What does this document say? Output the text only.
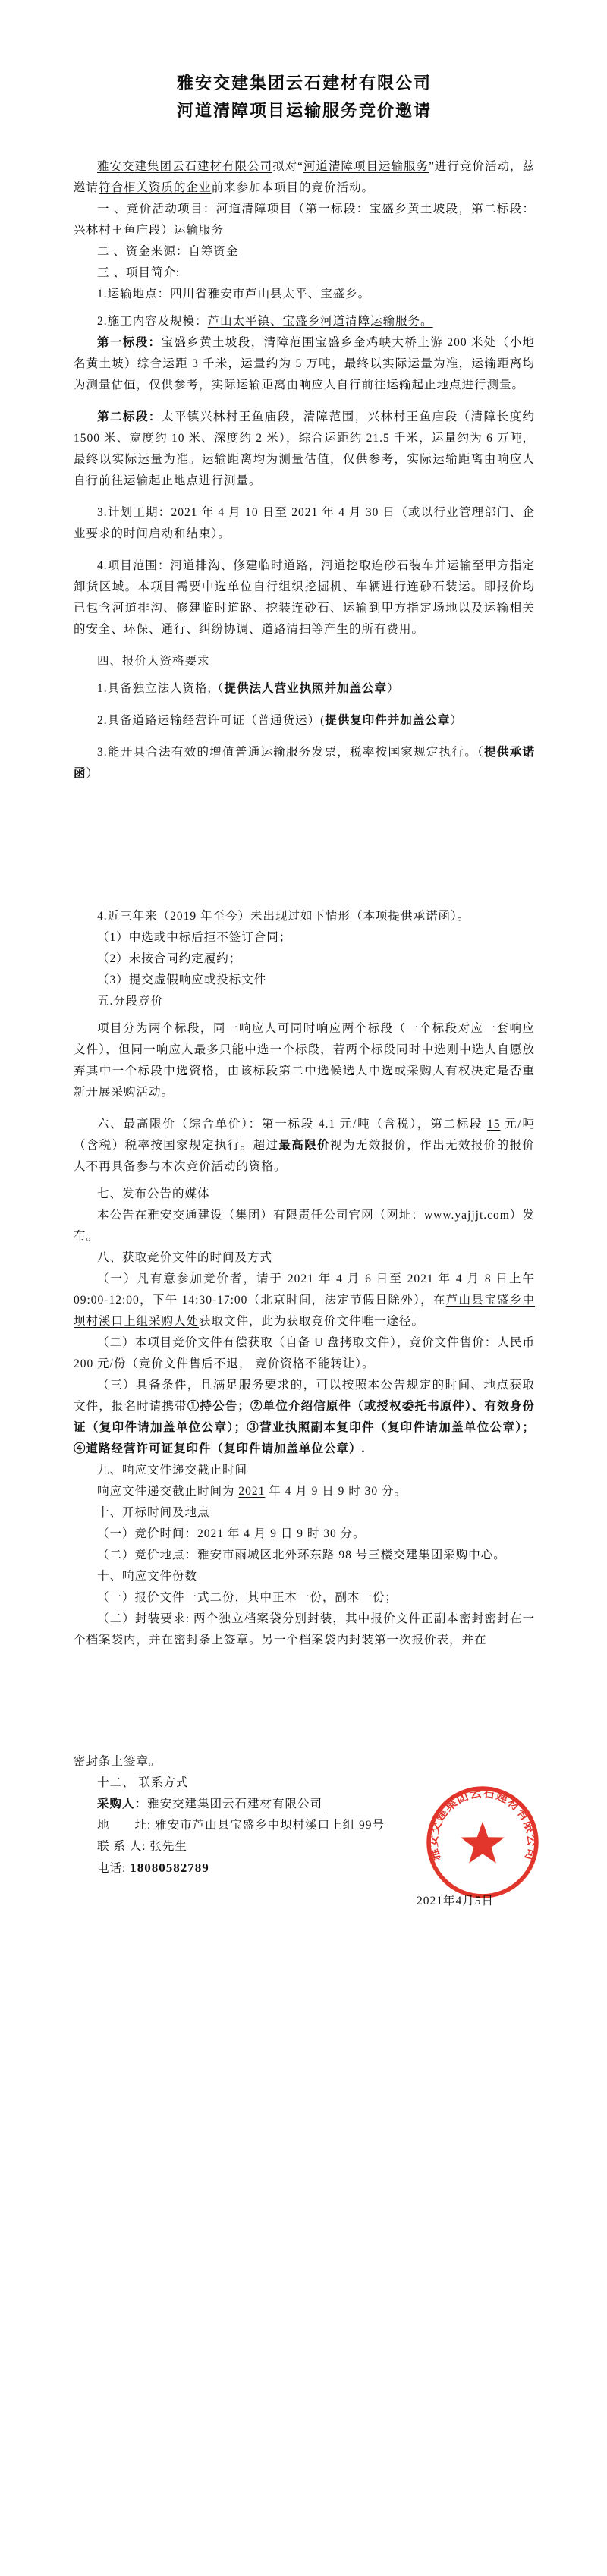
雅安交建集团云石建材有限公司
河道清障项目运输服务竞价邀请
雅安交建集团云石建材有限公司拟对“河道清障项目运输服务”进行竞价活动，兹邀请符合相关资质的企业前来参加本项目的竞价活动。
一 、竞价活动项目：河道清障项目（第一标段：宝盛乡黄土坡段，第二标段：兴林村王鱼庙段）运输服务
二 、资金来源：自筹资金
三 、项目简介:
1.运输地点：四川省雅安市芦山县太平、宝盛乡。
2.施工内容及规模：芦山太平镇、宝盛乡河道清障运输服务。
第一标段：宝盛乡黄土坡段，清障范围宝盛乡金鸡峡大桥上游 200 米处（小地名黄土坡）综合运距 3 千米，运量约为 5 万吨，最终以实际运量为准，运输距离均为测量估值，仅供参考，实际运输距离由响应人自行前往运输起止地点进行测量。
第二标段：太平镇兴林村王鱼庙段，清障范围，兴林村王鱼庙段（清障长度约 1500 米、宽度约 10 米、深度约 2 米），综合运距约 21.5 千米，运量约为 6 万吨，最终以实际运量为准。运输距离均为测量估值，仅供参考，实际运输距离由响应人自行前往运输起止地点进行测量。
3.计划工期：2021 年 4 月 10 日至 2021 年 4 月 30 日（或以行业管理部门、企业要求的时间启动和结束）。
4.项目范围：河道排沟、修建临时道路，河道挖取连砂石装车并运输至甲方指定卸货区域。本项目需要中选单位自行组织挖掘机、车辆进行连砂石装运。即报价均已包含河道排沟、修建临时道路、挖装连砂石、运输到甲方指定场地以及运输相关的安全、环保、通行、纠纷协调、道路清扫等产生的所有费用。
四、报价人资格要求
1.具备独立法人资格;（提供法人营业执照并加盖公章）
2.具备道路运输经营许可证（普通货运）(提供复印件并加盖公章）
3.能开具合法有效的增值普通运输服务发票，税率按国家规定执行。（提供承诺函）
4.近三年来（2019 年至今）未出现过如下情形（本项提供承诺函）。
（1）中选或中标后拒不签订合同；
（2）未按合同约定履约；
（3）提交虚假响应或投标文件
五.分段竞价
项目分为两个标段，同一响应人可同时响应两个标段（一个标段对应一套响应文件），但同一响应人最多只能中选一个标段，若两个标段同时中选则中选人自愿放弃其中一个标段中选资格，由该标段第二中选候选人中选或采购人有权决定是否重新开展采购活动。
六、最高限价（综合单价）：第一标段 4.1 元/吨（含税），第二标段 15 元/吨（含税）税率按国家规定执行。超过最高限价视为无效报价，作出无效报价的报价人不再具备参与本次竞价活动的资格。
七、发布公告的媒体
本公告在雅安交通建设（集团）有限责任公司官网（网址：www.yajjjt.com）发布。
八、获取竞价文件的时间及方式
（一）凡有意参加竞价者，请于 2021 年 4 月 6 日至 2021 年 4 月 8 日上午09:00-12:00，下午 14:30-17:00（北京时间，法定节假日除外），在芦山县宝盛乡中坝村溪口上组采购人处获取文件，此为获取竞价文件唯一途径。
（二）本项目竞价文件有偿获取（自备 U 盘拷取文件），竞价文件售价：人民币 200 元/份（竞价文件售后不退， 竞价资格不能转让）。
（三）具备条件，且满足服务要求的，可以按照本公告规定的时间、地点获取文件，报名时请携带①持公告；②单位介绍信原件（或授权委托书原件）、有效身份证（复印件请加盖单位公章）；③营业执照副本复印件（复印件请加盖单位公章）；④道路经营许可证复印件（复印件请加盖单位公章）.
九、响应文件递交截止时间
响应文件递交截止时间为 2021 年 4 月 9 日 9 时 30 分。
十、开标时间及地点
（一）竞价时间：2021 年 4 月 9 日 9 时 30 分。
（二）竞价地点：雅安市雨城区北外环东路 98 号三楼交建集团采购中心。
十、响应文件份数
（一）报价文件一式二份，其中正本一份，副本一份；
（二）封装要求: 两个独立档案袋分别封装，其中报价文件正副本密封密封在一个档案袋内，并在密封条上签章。另一个档案袋内封装第一次报价表，并在
密封条上签章。
十二、 联系方式
采购人：雅安交建集团云石建材有限公司
地　　址: 雅安市芦山县宝盛乡中坝村溪口上组 99号
联 系 人: 张先生
电话: 18080582789
2021年4月5日
雅安交建集团云石建材有限公司
